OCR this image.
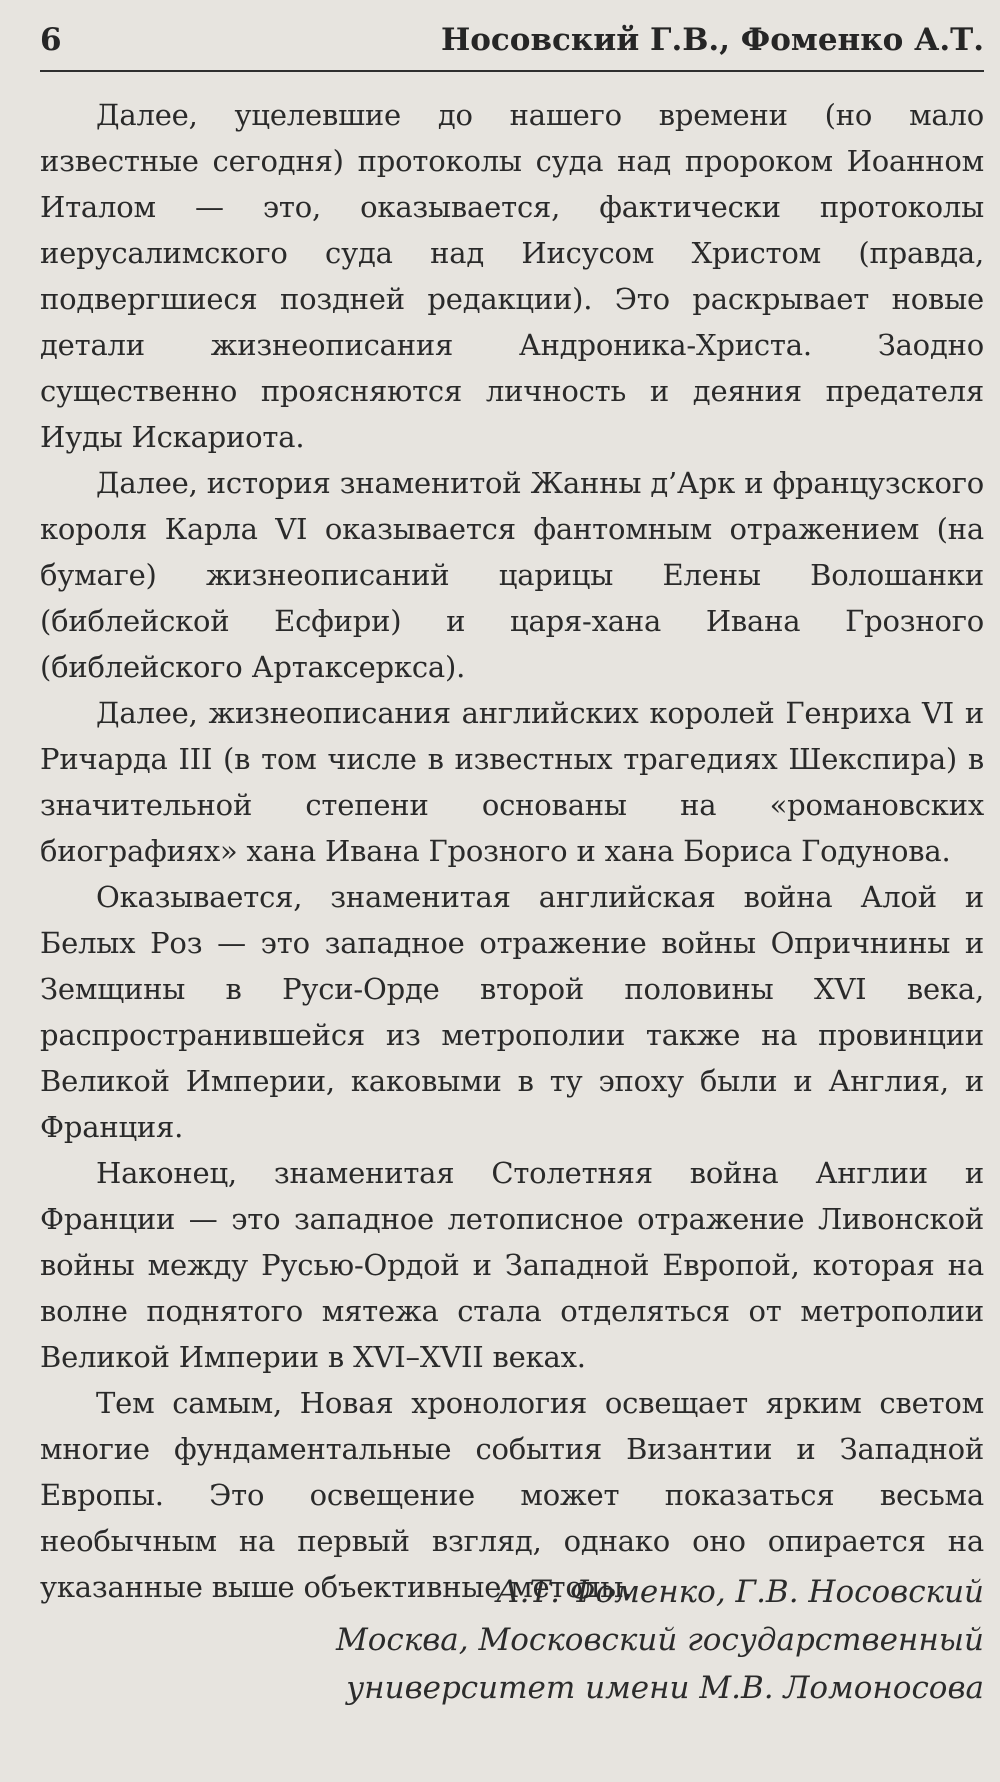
6	Носовский Г.В., Фоменко А.Т.

Далее, уцелевшие до нашего времени (но мало известные сегодня) протоколы суда над пророком Иоанном Италом — это, оказывается, фактически протоколы иерусалимского суда над Иисусом Христом (правда, подвергшиеся поздней редакции). Это раскрывает новые детали жизнеописания Андроника-Христа. Заодно существенно проясняются личность и деяния предателя Иуды Искариота.

Далее, история знаменитой Жанны д’Арк и французского короля Карла VI оказывается фантомным отражением (на бумаге) жизнеописаний царицы Елены Волошанки (библейской Есфири) и царя-хана Ивана Грозного (библейского Артаксеркса).

Далее, жизнеописания английских королей Генриха VI и Ричарда III (в том числе в известных трагедиях Шекспира) в значительной степени основаны на «романовских биографиях» хана Ивана Грозного и хана Бориса Годунова.

Оказывается, знаменитая английская война Алой и Белых Роз — это западное отражение войны Опричнины и Земщины в Руси-Орде второй половины XVI века, распространившейся из метрополии также на провинции Великой Империи, каковыми в ту эпоху были и Англия, и Франция.

Наконец, знаменитая Столетняя война Англии и Франции — это западное летописное отражение Ливонской войны между Русью-Ордой и Западной Европой, которая на волне поднятого мятежа стала отделяться от метрополии Великой Империи в XVI–XVII веках.

Тем самым, Новая хронология освещает ярким светом многие фундаментальные события Византии и Западной Европы. Это освещение может показаться весьма необычным на первый взгляд, однако оно опирается на указанные выше объективные методы.

А.Т. Фоменко, Г.В. Носовский
Москва, Московский государственный
университет имени М.В. Ломоносова
